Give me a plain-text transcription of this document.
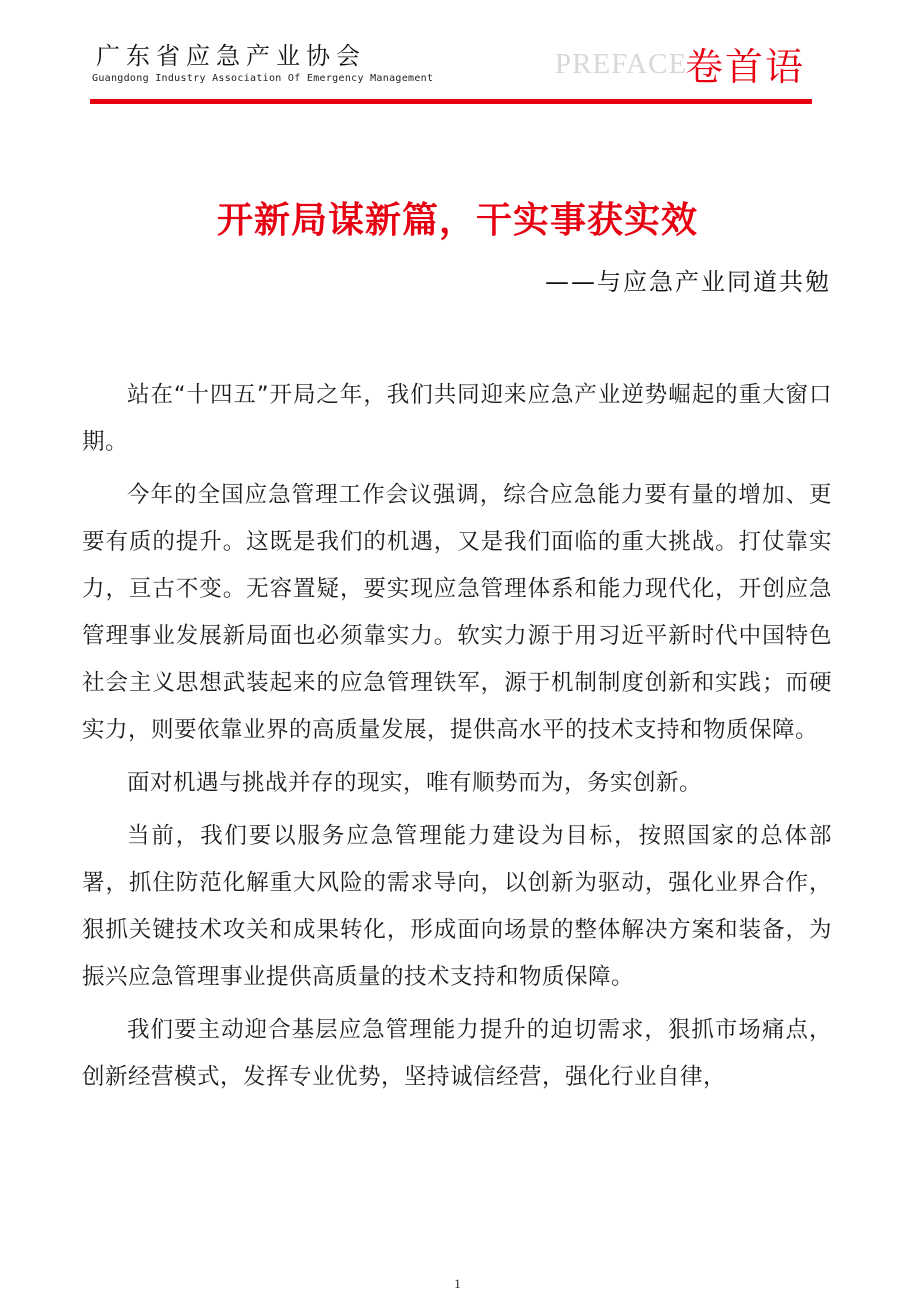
广东省应急产业协会
Guangdong Industry Association Of Emergency Management	PREFACE
卷首语
开新局谋新篇，干实事获实效
——与应急产业同道共勉

站在“十四五”开局之年，我们共同迎来应急产业逆势崛起的重大窗口期。

今年的全国应急管理工作会议强调，综合应急能力要有量的增加、更要有质的提升。这既是我们的机遇，又是我们面临的重大挑战。打仗靠实力，亘古不变。无容置疑，要实现应急管理体系和能力现代化，开创应急管理事业发展新局面也必须靠实力。软实力源于用习近平新时代中国特色社会主义思想武装起来的应急管理铁军，源于机制制度创新和实践；而硬实力，则要依靠业界的高质量发展，提供高水平的技术支持和物质保障。

面对机遇与挑战并存的现实，唯有顺势而为，务实创新。

当前，我们要以服务应急管理能力建设为目标，按照国家的总体部署，抓住防范化解重大风险的需求导向，以创新为驱动，强化业界合作，狠抓关键技术攻关和成果转化，形成面向场景的整体解决方案和装备，为振兴应急管理事业提供高质量的技术支持和物质保障。

我们要主动迎合基层应急管理能力提升的迫切需求，狠抓市场痛点，创新经营模式，发挥专业优势，坚持诚信经营，强化行业自律，

1
